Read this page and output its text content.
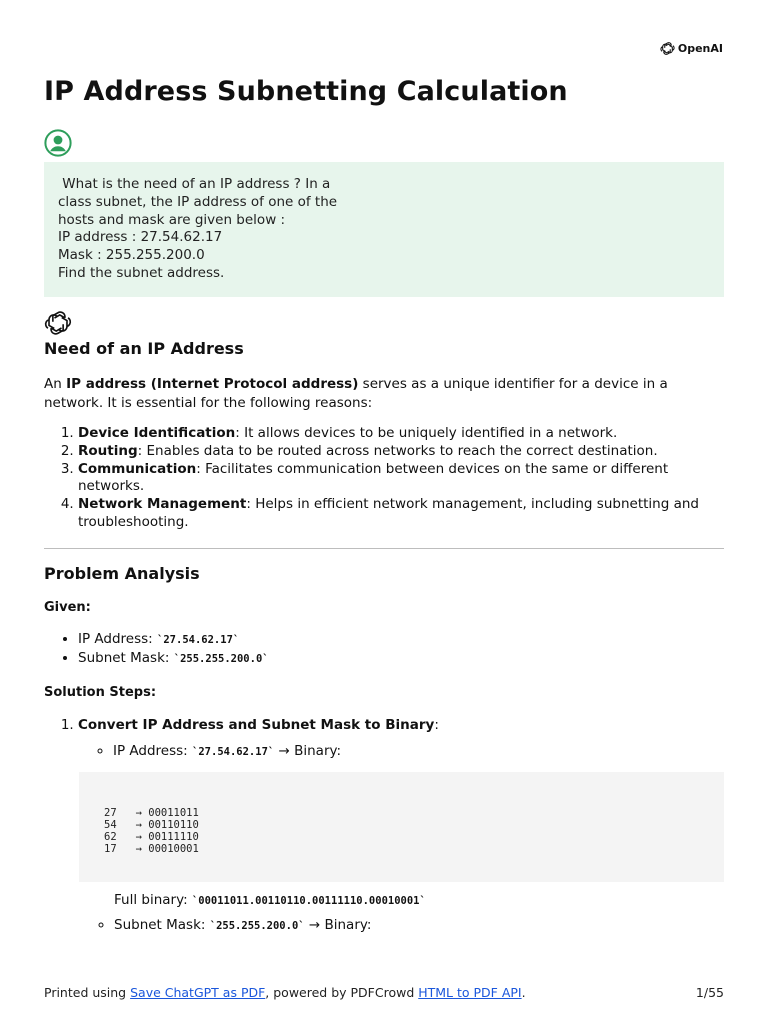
OpenAI
IP Address Subnetting Calculation
What is the need of an IP address ? In a
class subnet, the IP address of one of the
hosts and mask are given below :
IP address : 27.54.62.17
Mask : 255.255.200.0
Find the subnet address.
Need of an IP Address

An IP address (Internet Protocol address) serves as a unique identifier for a device in a network. It is essential for the following reasons:

1. Device Identification: It allows devices to be uniquely identified in a network.
2. Routing: Enables data to be routed across networks to reach the correct destination.
3. Communication: Facilitates communication between devices on the same or different networks.
4. Network Management: Helps in efficient network management, including subnetting and troubleshooting.
Problem Analysis

Given:

• IP Address: `27.54.62.17`
• Subnet Mask: `255.255.200.0`

Solution Steps:

1. Convert IP Address and Subnet Mask to Binary:
◦ IP Address: `27.54.62.17` → Binary:
27   → 00011011
54   → 00110110
62   → 00111110
17   → 00010001

Full binary: `00011011.00110110.00111110.00010001`

◦ Subnet Mask: `255.255.200.0` → Binary:
Printed using Save ChatGPT as PDF, powered by PDFCrowd HTML to PDF API.	1/55
